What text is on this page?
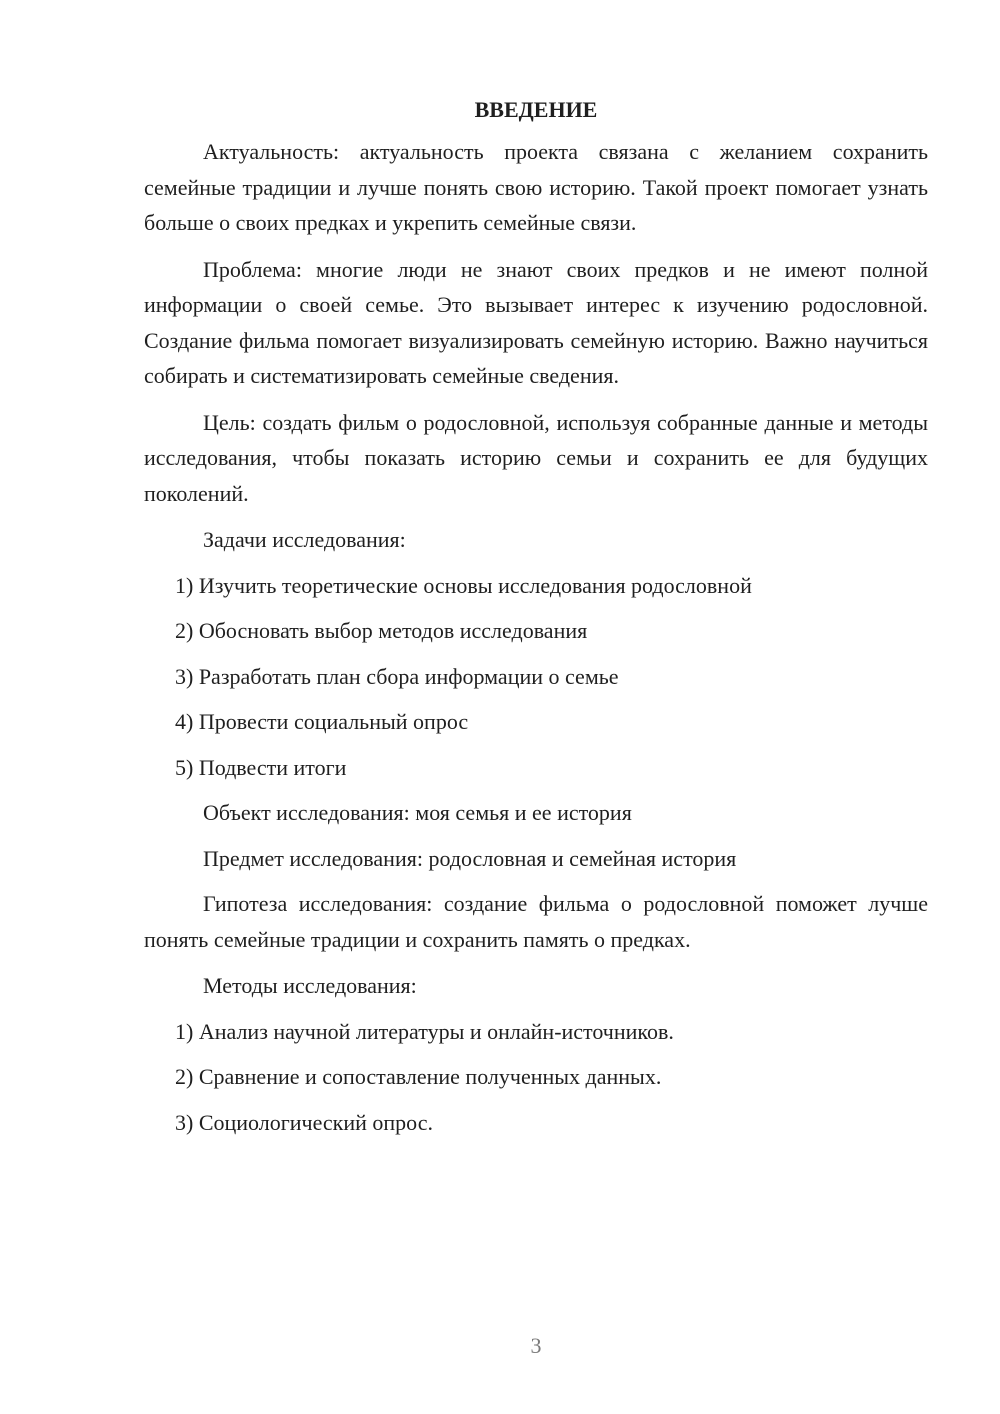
ВВЕДЕНИЕ

Актуальность: актуальность проекта связана с желанием сохранить семейные традиции и лучше понять свою историю. Такой проект помогает узнать больше о своих предках и укрепить семейные связи.

Проблема: многие люди не знают своих предков и не имеют полной информации о своей семье. Это вызывает интерес к изучению родословной. Создание фильма помогает визуализировать семейную историю. Важно научиться собирать и систематизировать семейные сведения.

Цель: создать фильм о родословной, используя собранные данные и методы исследования, чтобы показать историю семьи и сохранить ее для будущих поколений.

Задачи исследования:
1) Изучить теоретические основы исследования родословной
2) Обосновать выбор методов исследования
3) Разработать план сбора информации о семье
4) Провести социальный опрос
5) Подвести итоги
Объект исследования: моя семья и ее история
Предмет исследования: родословная и семейная история

Гипотеза исследования: создание фильма о родословной поможет лучше понять семейные традиции и сохранить память о предках.

Методы исследования:
1) Анализ научной литературы и онлайн-источников.
2) Сравнение и сопоставление полученных данных.
3) Социологический опрос.
3
